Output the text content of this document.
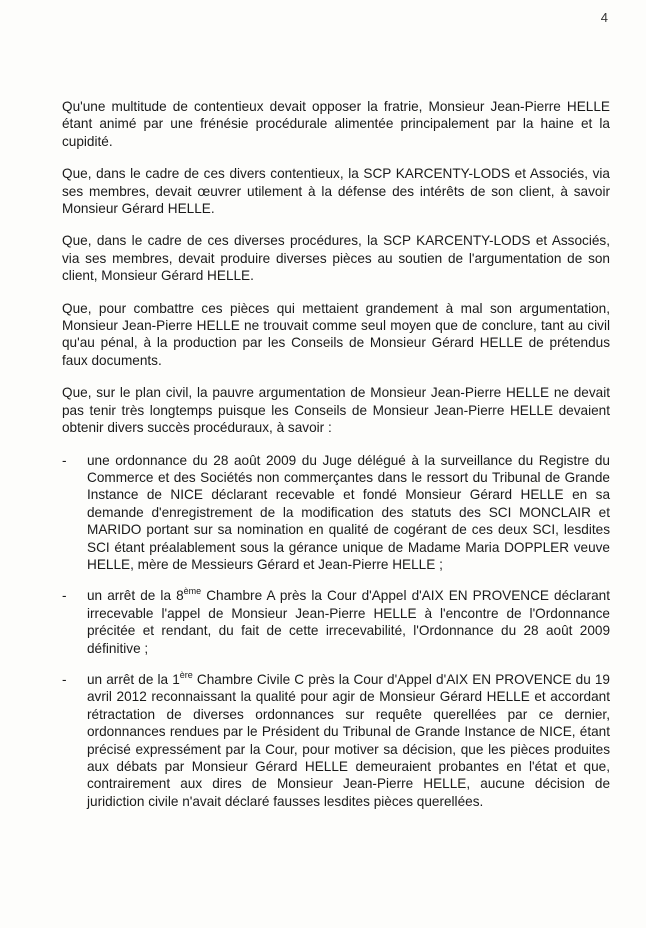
4

Qu'une multitude de contentieux devait opposer la fratrie, Monsieur Jean-Pierre HELLE étant animé par une frénésie procédurale alimentée principalement par la haine et la cupidité.

Que, dans le cadre de ces divers contentieux, la SCP KARCENTY-LODS et Associés, via ses membres, devait œuvrer utilement à la défense des intérêts de son client, à savoir Monsieur Gérard HELLE.

Que, dans le cadre de ces diverses procédures, la SCP KARCENTY-LODS et Associés, via ses membres, devait produire diverses pièces au soutien de l'argumentation de son client, Monsieur Gérard HELLE.

Que, pour combattre ces pièces qui mettaient grandement à mal son argumentation, Monsieur Jean-Pierre HELLE ne trouvait comme seul moyen que de conclure, tant au civil qu'au pénal, à la production par les Conseils de Monsieur Gérard HELLE de prétendus faux documents.

Que, sur le plan civil, la pauvre argumentation de Monsieur Jean-Pierre HELLE ne devait pas tenir très longtemps puisque les Conseils de Monsieur Jean-Pierre HELLE devaient obtenir divers succès procéduraux, à savoir :

-	une ordonnance du 28 août 2009 du Juge délégué à la surveillance du Registre du Commerce et des Sociétés non commerçantes dans le ressort du Tribunal de Grande Instance de NICE déclarant recevable et fondé Monsieur Gérard HELLE en sa demande d'enregistrement de la modification des statuts des SCI MONCLAIR et MARIDO portant sur sa nomination en qualité de cogérant de ces deux SCI, lesdites SCI étant préalablement sous la gérance unique de Madame Maria DOPPLER veuve HELLE, mère de Messieurs Gérard et Jean-Pierre HELLE ;
-	un arrêt de la 8ème Chambre A près la Cour d'Appel d'AIX EN PROVENCE déclarant irrecevable l'appel de Monsieur Jean-Pierre HELLE à l'encontre de l'Ordonnance précitée et rendant, du fait de cette irrecevabilité, l'Ordonnance du 28 août 2009 définitive ;
-	un arrêt de la 1ère Chambre Civile C près la Cour d'Appel d'AIX EN PROVENCE du 19 avril 2012 reconnaissant la qualité pour agir de Monsieur Gérard HELLE et accordant rétractation de diverses ordonnances sur requête querellées par ce dernier, ordonnances rendues par le Président du Tribunal de Grande Instance de NICE, étant précisé expressément par la Cour, pour motiver sa décision, que les pièces produites aux débats par Monsieur Gérard HELLE demeuraient probantes en l'état et que, contrairement aux dires de Monsieur Jean-Pierre HELLE, aucune décision de juridiction civile n'avait déclaré fausses lesdites pièces querellées.
